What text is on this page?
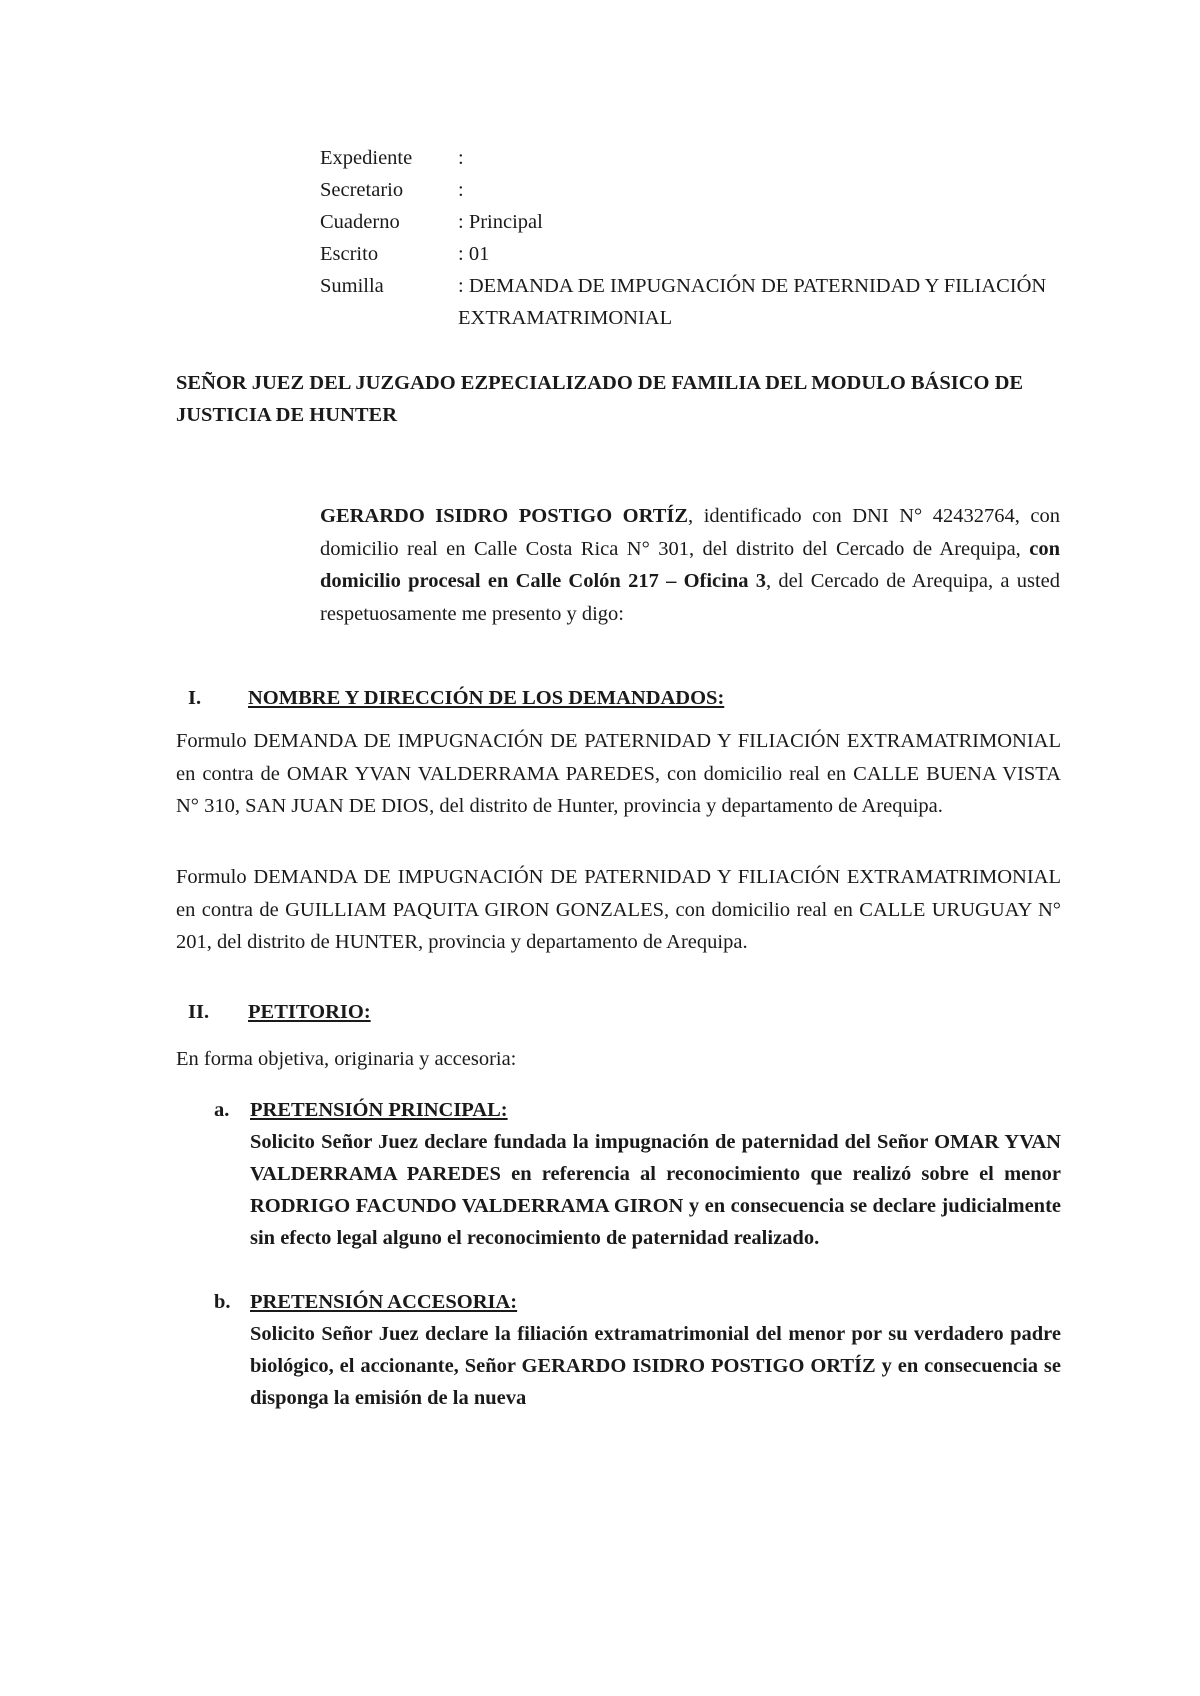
Expediente	:
Secretario	:
Cuaderno	: Principal
Escrito	: 01
Sumilla	: DEMANDA DE IMPUGNACIÓN DE PATERNIDAD Y FILIACIÓN EXTRAMATRIMONIAL
SEÑOR JUEZ DEL JUZGADO EZPECIALIZADO DE FAMILIA DEL MODULO BÁSICO DE JUSTICIA DE HUNTER
GERARDO ISIDRO POSTIGO ORTÍZ, identificado con DNI N° 42432764, con domicilio real en Calle Costa Rica N° 301, del distrito del Cercado de Arequipa, con domicilio procesal en Calle Colón 217 – Oficina 3, del Cercado de Arequipa, a usted respetuosamente me presento y digo:
I.	NOMBRE Y DIRECCIÓN DE LOS DEMANDADOS:
Formulo DEMANDA DE IMPUGNACIÓN DE PATERNIDAD Y FILIACIÓN EXTRAMATRIMONIAL en contra de OMAR YVAN VALDERRAMA PAREDES, con domicilio real en CALLE BUENA VISTA N° 310, SAN JUAN DE DIOS, del distrito de Hunter, provincia y departamento de Arequipa.
Formulo DEMANDA DE IMPUGNACIÓN DE PATERNIDAD Y FILIACIÓN EXTRAMATRIMONIAL en contra de GUILLIAM PAQUITA GIRON GONZALES, con domicilio real en CALLE URUGUAY N° 201, del distrito de HUNTER, provincia y departamento de Arequipa.
II.	PETITORIO:
En forma objetiva, originaria y accesoria:
a.	PRETENSIÓN PRINCIPAL:
Solicito Señor Juez declare fundada la impugnación de paternidad del Señor OMAR YVAN VALDERRAMA PAREDES en referencia al reconocimiento que realizó sobre el menor RODRIGO FACUNDO VALDERRAMA GIRON y en consecuencia se declare judicialmente sin efecto legal alguno el reconocimiento de paternidad realizado.
b. PRETENSIÓN ACCESORIA:
Solicito Señor Juez declare la filiación extramatrimonial del menor por su verdadero padre biológico, el accionante, Señor GERARDO ISIDRO POSTIGO ORTÍZ y en consecuencia se disponga la emisión de la nueva
